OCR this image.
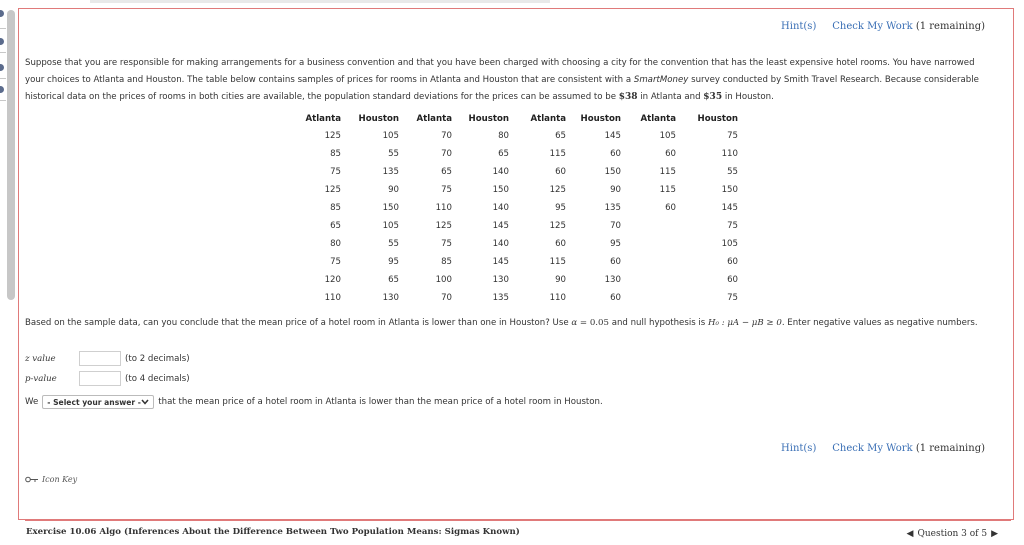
Hint(s) Check My Work (1 remaining)
Suppose that you are responsible for making arrangements for a business convention and that you have been charged with choosing a city for the convention that has the least expensive hotel rooms. You have narrowed your choices to Atlanta and Houston. The table below contains samples of prices for rooms in Atlanta and Houston that are consistent with a SmartMoney survey conducted by Smith Travel Research. Because considerable historical data on the prices of rooms in both cities are available, the population standard deviations for the prices can be assumed to be $38 in Atlanta and $35 in Houston.
Atlanta	Houston	Atlanta	Houston	Atlanta	Houston	Atlanta	Houston
125	105	70	80	65	145	105	75
85	55	70	65	115	60	60	110
75	135	65	140	60	150	115	55
125	90	75	150	125	90	115	150
85	150	110	140	95	135	60	145
65	105	125	145	125	70		75
80	55	75	140	60	95		105
75	95	85	145	115	60		60
120	65	100	130	90	130		60
110	130	70	135	110	60		75
Based on the sample data, can you conclude that the mean price of a hotel room in Atlanta is lower than one in Houston? Use α = 0.05 and null hypothesis is H₀ : μA − μB ≥ 0. Enter negative values as negative numbers.
z value	(to 2 decimals)
p-value	(to 4 decimals)
We - Select your answer - that the mean price of a hotel room in Atlanta is lower than the mean price of a hotel room in Houston.
Hint(s) Check My Work (1 remaining)
Icon Key
Exercise 10.06 Algo (Inferences About the Difference Between Two Population Means: Sigmas Known)	◀ Question 3 of 5 ▶
